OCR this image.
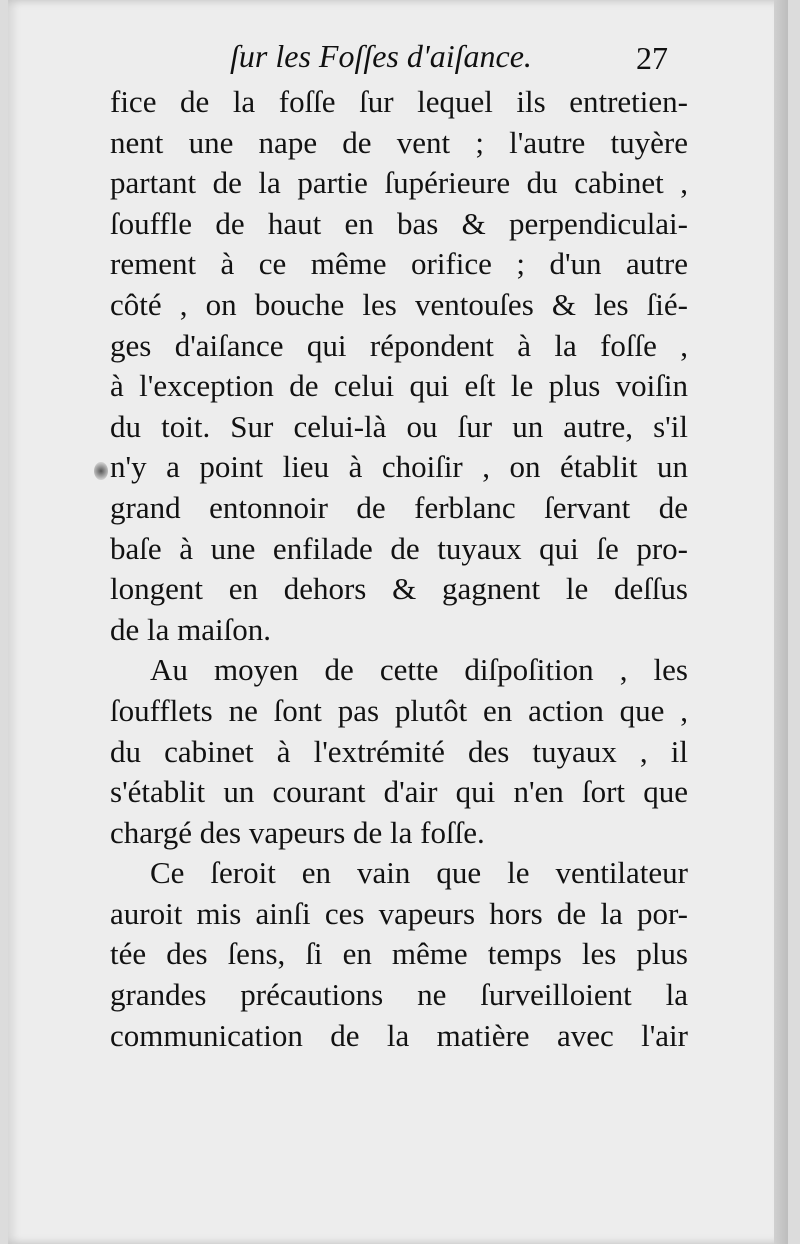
ſur les Foſſes d'aiſance.	27
fice de la foſſe ſur lequel ils entretien-
nent une nape de vent ; l'autre tuyère
partant de la partie ſupérieure du cabinet ,
ſouffle de haut en bas & perpendiculai-
rement à ce même orifice ; d'un autre
côté , on bouche les ventouſes & les ſié-
ges d'aiſance qui répondent à la foſſe ,
à l'exception de celui qui eſt le plus voiſin
du toit. Sur celui-là ou ſur un autre, s'il
n'y a point lieu à choiſir , on établit un
grand entonnoir de ferblanc ſervant de
baſe à une enfilade de tuyaux qui ſe pro-
longent en dehors & gagnent le deſſus
de la maiſon.
Au moyen de cette diſpoſition , les
ſoufflets ne ſont pas plutôt en action que ,
du cabinet à l'extrémité des tuyaux , il
s'établit un courant d'air qui n'en ſort que
chargé des vapeurs de la foſſe.
Ce ſeroit en vain que le ventilateur
auroit mis ainſi ces vapeurs hors de la por-
tée des ſens, ſi en même temps les plus
grandes précautions ne ſurveilloient la
communication de la matière avec l'air
